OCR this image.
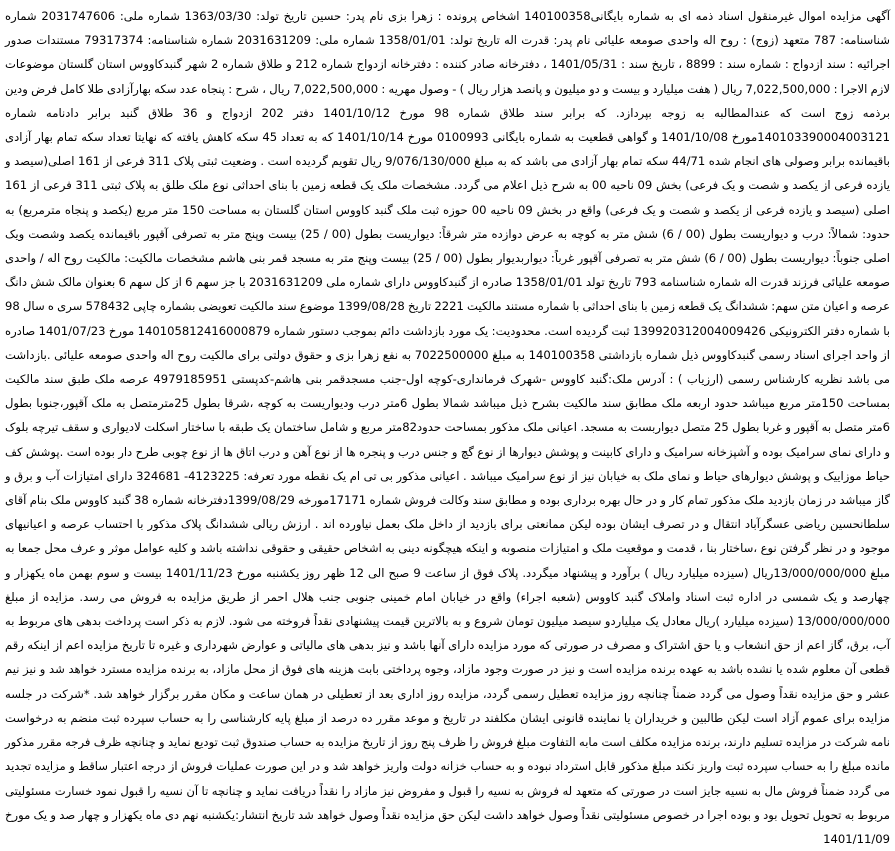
آگهی مزایده اموال غیرمنقول اسناد ذمه ای به شماره بایگانی140100358 اشخاص پرونده : زهرا بزی نام پدر: حسین تاریخ تولد: 1363/03/30 شماره ملی: 2031747606 شماره شناسنامه: 787 متعهد (زوج) : روح اله واحدی صومعه علیائی نام پدر: قدرت اله تاریخ تولد: 1358/01/01 شماره ملی: 2031631209 شماره شناسنامه: 79317374 مستندات صدور اجرائیه : سند ازدواج : شماره سند : 8899 ، تاریخ سند : 1401/05/31 ، دفترخانه صادر کننده : دفترخانه ازدواج شماره 212 و طلاق شماره 2 شهر گنبدکاووس استان گلستان موضوعات لازم الاجرا : 7,022,500,000 ریال ( هفت میلیارد و بیست و دو میلیون و پانصد هزار ریال ) - وصول مهریه : 7,022,500,000 ریال ، شرح : پنجاه عدد سکه بهارآزادی طلا کامل فرض ودین برذمه زوج است که عندالمطالبه به زوجه بپردازد. که برابر سند طلاق شماره 98 مورخ 1401/10/12 دفتر 202 ازدواج و 36 طلاق گنبد برابر دادنامه شماره 140103390004003121مورخ 1401/10/08 و گواهی قطعیت به شماره بایگانی 0100993 مورخ 1401/10/14 که به تعداد 45 سکه کاهش یافته که نهایتا تعداد سکه تمام بهار آزادی باقیمانده برابر وصولی های انجام شده 44/71 سکه تمام بهار آزادی می باشد که به مبلغ 9/076/130/000 ریال تقویم گردیده است . وضعیت ثبتی پلاک 311 فرعی از 161 اصلی(سیصد و یازده فرعی از یکصد و شصت و یک فرعی) بخش 09 ناحیه 00 به شرح ذیل اعلام می گردد. مشخصات ملک یک قطعه زمین با بنای احداثی نوع ملک طلق به پلاک ثبتی 311 فرعی از 161 اصلی (سیصد و یازده فرعی از یکصد و شصت و یک فرعی) واقع در بخش 09 ناحیه 00 حوزه ثبت ملک گنبد کاووس استان گلستان به مساحت 150 متر مربع (یکصد و پنجاه مترمربع) به حدود: شمالاً: درب و دیواریست بطول (00 / 6) شش متر به کوچه به عرض دوازده متر شرقاً: دیواریست بطول (00 / 25) بیست وپنج متر به تصرفی آقپور باقیمانده یکصد وشصت ویک اصلی جنوباً: دیواریست بطول (00 / 6) شش متر به تصرفی آقپور غرباً: دیواربدیوار بطول (00 / 25) بیست وپنج متر به مسجد قمر بنی هاشم مشخصات مالکیت: مالکیت روح اله / واحدی صومعه علیائی فرزند قدرت اله شماره شناسنامه 793 تاریخ تولد 1358/01/01 صادره از گنبدکاووس دارای شماره ملی 2031631209 با جز سهم 6 از کل سهم 6 بعنوان مالک شش دانگ عرصه و اعیان متن سهم: ششدانگ یک قطعه زمین با بنای احداثی با شماره مستند مالکیت 2221 تاریخ 1399/08/28 موضوع سند مالکیت تعویضی بشماره چاپی 578432 سری ه سال 98 با شماره دفتر الکترونیکی 139920312004009426 ثبت گردیده است. محدودیت: یک مورد بازداشت دائم بموجب دستور شماره 140105812416000879 مورخ 1401/07/23 صادره از واحد اجرای اسناد رسمی گنبدکاووس ذیل شماره بازداشتی 140100358 به مبلغ 7022500000 به نفع زهرا بزی و حقوق دولتی برای مالکیت روح اله واحدی صومعه علیائی .بازداشت می باشد نظریه کارشناس رسمی (ارزیاب ) : آدرس ملک:گنبد کاووس -شهرک فرمانداری-کوچه اول-جنب مسجدقمر بنی هاشم-کدپستی 4979185951 عرصه ملک طبق سند مالکیت بمساحت 150متر مربع میباشد حدود اربعه ملک مطابق سند مالکیت بشرح ذیل میباشد شمالا بطول 6متر درب ودیواریست به کوچه ،شرقا بطول 25مترمتصل به ملک آقپور،جنوبا بطول 6متر متصل به آقپور و غربا بطول 25 متصل دیواربست به مسجد. اعیانی ملک مذکور بمساحت حدود82متر مربع و شامل ساختمان یک طبقه با ساختار اسکلت لادیواری و سقف تیرچه بلوک و دارای نمای سرامیک بوده و آشپزخانه سرامیک و دارای کابینت و پوشش دیوارها از نوع گچ و جنس درب و پنجره ها از نوع آهن و درب اتاق ها از نوع چوبی طرح دار بوده است .پوشش کف حیاط موزاییک و پوشش دیوارهای حیاط و نمای ملک به خیابان نیز از نوع سرامیک میباشد . اعیانی مذکور بی تی ام یک نقطه مورد تعرفه: 4123225- 324681 دارای امتیازات آب و برق و گاز میباشد در زمان بازدید ملک مذکور تمام کار و در حال بهره برداری بوده و مطابق سند وکالت فروش شماره 17171مورخه 1399/08/29دفترخانه شماره 38 گنبد کاووس ملک بنام آقای سلطانحسین ریاضی عسگرآباد انتقال و در تصرف ایشان بوده لیکن ممانعتی برای بازدید از داخل ملک بعمل نیاورده اند . ارزش ریالی ششدانگ پلاک مذکور با احتساب عرصه و اعیانیهای موجود و در نظر گرفتن نوع ،ساختار بنا ، قدمت و موقعیت ملک و امتیازات منصوبه و اینکه هیچگونه دینی به اشخاص حقیقی و حقوقی نداشته باشد و کلیه عوامل موثر و عرف محل جمعا به مبلغ 13/000/000/000ریال (سیزده میلیارد ریال ) برآورد و پیشنهاد میگردد. پلاک فوق از ساعت 9 صبح الی 12 ظهر روز یکشنبه مورخ 1401/11/23 بیست و سوم بهمن ماه یکهزار و چهارصد و یک شمسی در اداره ثبت اسناد واملاک گنبد کاووس (شعبه اجراء) واقع در خیابان امام خمینی جنوبی جنب هلال احمر از طریق مزایده به فروش می رسد. مزایده از مبلغ 13/000/000/000 (سیزده میلیارد )ریال معادل یک میلیاردو سیصد میلیون تومان شروع و به بالاترین قیمت پیشنهادی نقداً فروخته می شود. لازم به ذکر است پرداخت بدهی های مربوط به آب، برق، گاز اعم از حق انشعاب و یا حق اشتراک و مصرف در صورتی که مورد مزایده دارای آنها باشد و نیز بدهی های مالیاتی و عوارض شهرداری و غیره تا تاریخ مزایده اعم از اینکه رقم قطعی آن معلوم شده یا نشده باشد به عهده برنده مزایده است و نیز در صورت وجود مازاد، وجوه پرداختی بابت هزینه های فوق از محل مازاد، به برنده مزایده مسترد خواهد شد و نیز نیم عشر و حق مزایده نقداً وصول می گردد ضمناً چنانچه روز مزایده تعطیل رسمی گردد، مزایده روز اداری بعد از تعطیلی در همان ساعت و مکان مقرر برگزار خواهد شد. *شرکت در جلسه مزایده برای عموم آزاد است لیکن طالبین و خریداران یا نماینده قانونی ایشان مکلفند در تاریخ و موعد مقرر ده درصد از مبلغ پایه کارشناسی را به حساب سپرده ثبت منضم به درخواست نامه شرکت در مزایده تسلیم دارند، برنده مزایده مکلف است مابه التفاوت مبلغ فروش را ظرف پنج روز از تاریخ مزایده به حساب صندوق ثبت تودیع نماید و چنانچه ظرف فرجه مقرر مذکور مانده مبلغ را به حساب سپرده ثبت واریز نکند مبلغ مذکور قابل استرداد نبوده و به حساب خزانه دولت واریز خواهد شد و در این صورت عملیات فروش از درجه اعتبار ساقط و مزایده تجدید می گردد ضمناً فروش مال به نسیه جایز است در صورتی که متعهد له فروش به نسیه را قبول و مفروض نیز مازاد را نقداً دریافت نماید و چنانچه تا آن نسیه را قبول نمود خسارت مسئولیتی مربوط به تحویل تحویل بود و بوده اجرا در خصوص مسئولیتی نقداً وصول خواهد داشت لیکن حق مزایده نقداً وصول خواهد شد تاریخ انتشار:یکشنبه نهم دی ماه یکهزار و چهار صد و یک مورخ 1401/11/09
